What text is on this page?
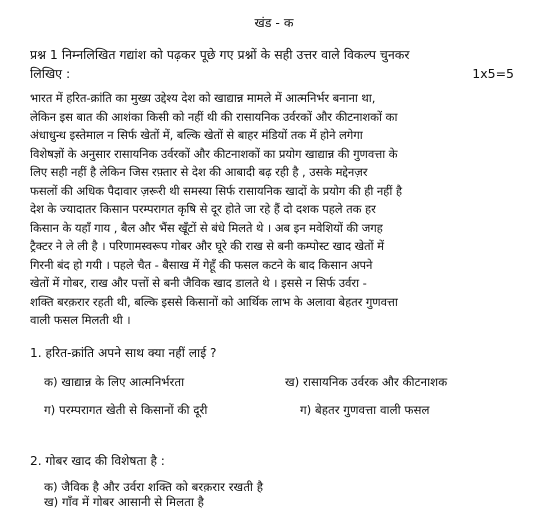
खंड - क
प्रश्न 1 निम्नलिखित गद्यांश को पढ़कर पूछे गए प्रश्नों के सही उत्तर वाले विकल्प चुनकर
लिखिए :	1x5=5
भारत में हरित-क्रांति का मुख्य उद्देश्य देश को खाद्यान्न मामले में आत्मनिर्भर बनाना था,
लेकिन इस बात की आशंका किसी को नहीं थी की रासायनिक उर्वरकों और कीटनाशकों का
अंधाधुन्ध इस्तेमाल न सिर्फ खेतों में, बल्कि खेतों से बाहर मंडियों तक में होने लगेगा
विशेषज्ञों के अनुसार रासायनिक उर्वरकों और कीटनाशकों का प्रयोग खाद्यान्न की गुणवत्ता के
लिए सही नहीं है लेकिन जिस रफ़्तार से देश की आबादी बढ़ रही है , उसके मद्देनज़र
फसलों की अधिक पैदावार ज़रूरी थी समस्या सिर्फ रासायनिक खादों के प्रयोग की ही नहीं है
देश के ज्यादातर किसान परम्परागत कृषि से दूर होते जा रहे हैं दो दशक पहले तक हर
किसान के यहाँ गाय , बैल और भैंस खूँटों से बंधे मिलते थे । अब इन मवेशियों की जगह
ट्रैक्टर ने ले ली है । परिणामस्वरूप गोबर और घूरे की राख से बनी कम्पोस्ट खाद खेतों में
गिरनी बंद हो गयी । पहले चैत - बैसाख में गेहूँ की फसल कटने के बाद किसान अपने
खेतों में गोबर, राख और पत्तों से बनी जैविक खाद डालते थे । इससे न सिर्फ उर्वरा -
शक्ति बरक़रार रहती थी, बल्कि इससे किसानों को आर्थिक लाभ के अलावा बेहतर गुणवत्ता
वाली फसल मिलती थी ।
1. हरित-क्रांति अपने साथ क्या नहीं लाई ?
क) खाद्यान्न के लिए आत्मनिर्भरता	ख) रासायनिक उर्वरक और कीटनाशक
ग) परम्परागत खेती से किसानों की दूरी	ग) बेहतर गुणवत्ता वाली फसल
2. गोबर खाद की विशेषता है :
क) जैविक है और उर्वरा शक्ति को बरक़रार रखती है
ख) गाँव में गोबर आसानी से मिलता है
